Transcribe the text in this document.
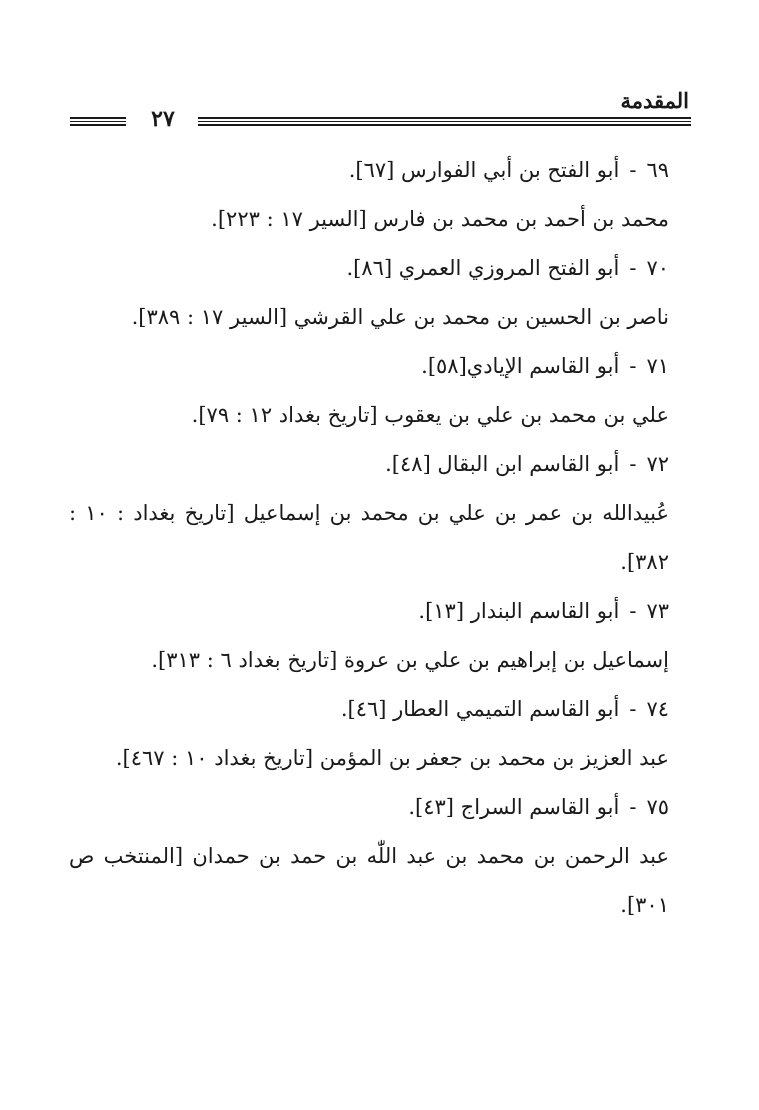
المقدمة
٢٧
٦٩-أبو الفتح بن أبي الفوارس [٦٧].
محمد بن أحمد بن محمد بن فارس [السير ١٧ : ٢٢٣].
٧٠-أبو الفتح المروزي العمري [٨٦].
ناصر بن الحسين بن محمد بن علي القرشي [السير ١٧ : ٣٨٩].
٧١-أبو القاسم الإيادي[٥٨].
علي بن محمد بن علي بن يعقوب [تاريخ بغداد ١٢ : ٧٩].
٧٢-أبو القاسم ابن البقال [٤٨].
عُبيدالله بن عمر بن علي بن محمد بن إسماعيل [تاريخ بغداد : ١٠ : ٣٨٢].
٧٣-أبو القاسم البندار [١٣].
إسماعيل بن إبراهيم بن علي بن عروة [تاريخ بغداد ٦ : ٣١٣].
٧٤-أبو القاسم التميمي العطار [٤٦].
عبد العزيز بن محمد بن جعفر بن المؤمن [تاريخ بغداد ١٠ : ٤٦٧].
٧٥-أبو القاسم السراج [٤٣].
عبد الرحمن بن محمد بن عبد اللّٰه بن حمد بن حمدان [المنتخب ص ٣٠١].
